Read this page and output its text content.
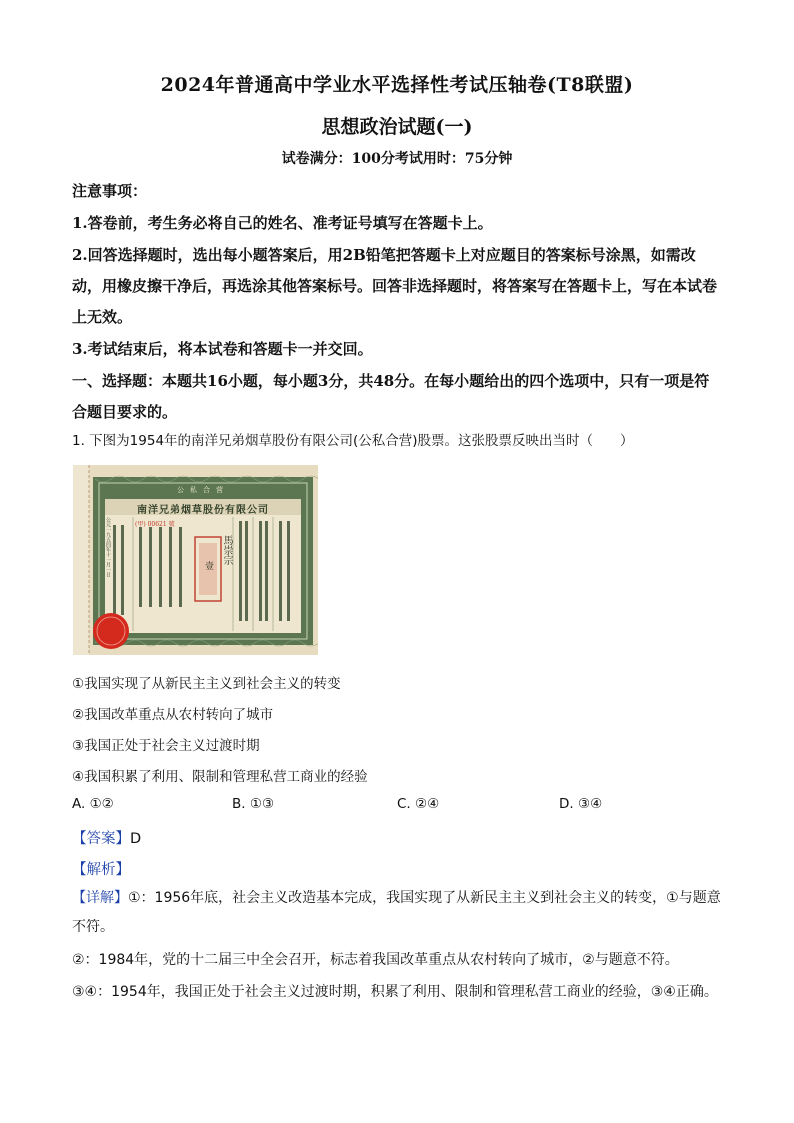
2024年普通高中学业水平选择性考试压轴卷(T8联盟)
思想政治试题(一)
试卷满分：100分考试用时：75分钟
注意事项：
1.答卷前，考生务必将自己的姓名、准考证号填写在答题卡上。
2.回答选择题时，选出每小题答案后，用2B铅笔把答题卡上对应题目的答案标号涂黑，如需改动，用橡皮擦干净后，再选涂其他答案标号。回答非选择题时，将答案写在答题卡上，写在本试卷上无效。
3.考试结束后，将本试卷和答题卡一并交回。
一、选择题：本题共16小题，每小题3分，共48分。在每小题给出的四个选项中，只有一项是符合题目要求的。
1. 下图为1954年的南洋兄弟烟草股份有限公司(公私合营)股票。这张股票反映出当时（　　）
公私合营
南洋兄弟烟草股份有限公司
(甲) 00621 號
馬崇宗
壹
公元一九五四年十一月一日
①我国实现了从新民主主义到社会主义的转变
②我国改革重点从农村转向了城市
③我国正处于社会主义过渡时期
④我国积累了利用、限制和管理私营工商业的经验
A. ①②	B. ①③	C. ②④	D. ③④
【答案】D
【解析】
【详解】①：1956年底，社会主义改造基本完成，我国实现了从新民主主义到社会主义的转变，①与题意不符。
②：1984年，党的十二届三中全会召开，标志着我国改革重点从农村转向了城市，②与题意不符。
③④：1954年，我国正处于社会主义过渡时期，积累了利用、限制和管理私营工商业的经验，③④正确。
